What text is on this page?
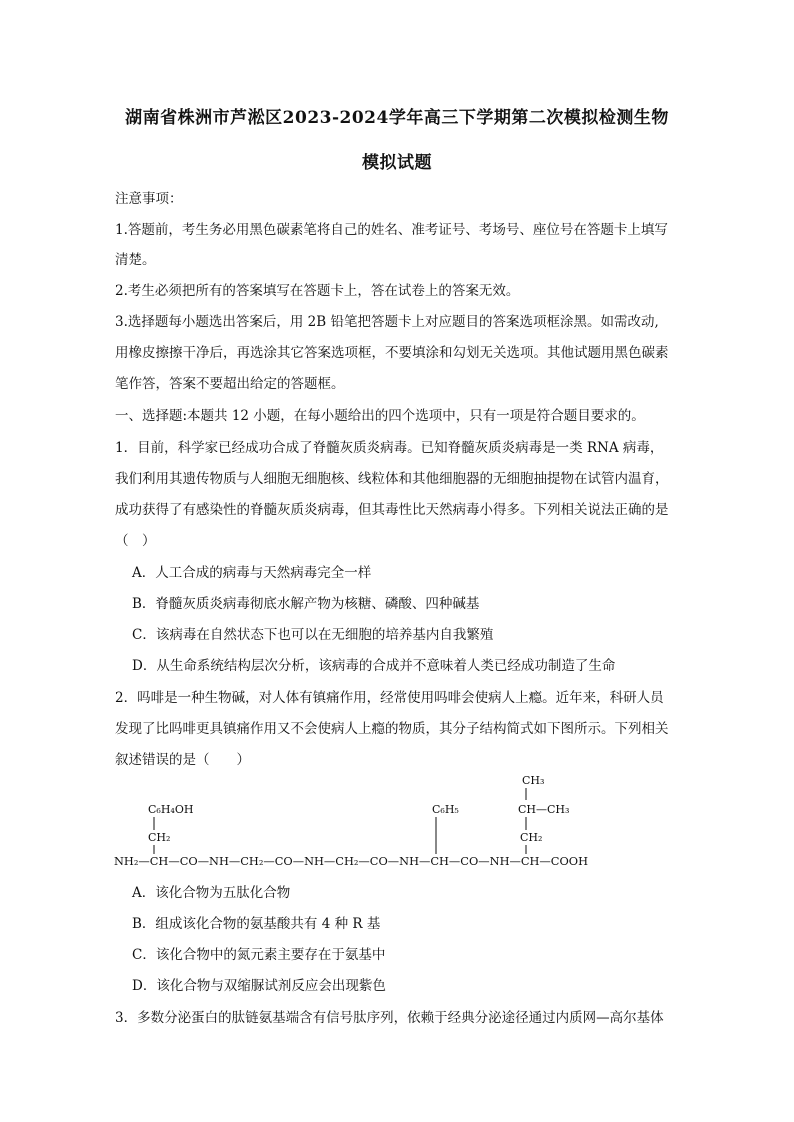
湖南省株洲市芦淞区2023-2024学年高三下学期第二次模拟检测生物
模拟试题
注意事项：
1.答题前，考生务必用黑色碳素笔将自己的姓名、准考证号、考场号、座位号在答题卡上填写
清楚。
2.考生必须把所有的答案填写在答题卡上，答在试卷上的答案无效。
3.选择题每小题选出答案后，用 2B 铅笔把答题卡上对应题目的答案选项框涂黑。如需改动,
用橡皮擦擦干净后，再选涂其它答案选项框，不要填涂和勾划无关选项。其他试题用黑色碳素
笔作答，答案不要超出给定的答题框。
一、选择题:本题共 12 小题，在每小题给出的四个选项中，只有一项是符合题目要求的。
1．目前，科学家已经成功合成了脊髓灰质炎病毒。已知脊髓灰质炎病毒是一类 RNA 病毒，
我们利用其遗传物质与人细胞无细胞核、线粒体和其他细胞器的无细胞抽提物在试管内温育，
成功获得了有感染性的脊髓灰质炎病毒，但其毒性比天然病毒小得多。下列相关说法正确的是
（　）
A．人工合成的病毒与天然病毒完全一样
B．脊髓灰质炎病毒彻底水解产物为核糖、磷酸、四种碱基
C．该病毒在自然状态下也可以在无细胞的培养基内自我繁殖
D．从生命系统结构层次分析，该病毒的合成并不意味着人类已经成功制造了生命
2．吗啡是一种生物碱，对人体有镇痛作用，经常使用吗啡会使病人上瘾。近年来，科研人员
发现了比吗啡更具镇痛作用又不会使病人上瘾的物质，其分子结构简式如下图所示。下列相关
叙述错误的是（　　）
CH₃
CH—CH₃
CH₂
C₆H₄OH
CH₂
C₆H₅
NH₂—CH—CO—NH—CH₂—CO—NH—CH₂—CO—NH—CH—CO—NH—CH—COOH
A．该化合物为五肽化合物
B．组成该化合物的氨基酸共有 4 种 R 基
C．该化合物中的氮元素主要存在于氨基中
D．该化合物与双缩脲试剂反应会出现紫色
3．多数分泌蛋白的肽链氨基端含有信号肽序列，依赖于经典分泌途径通过内质网—高尔基体
